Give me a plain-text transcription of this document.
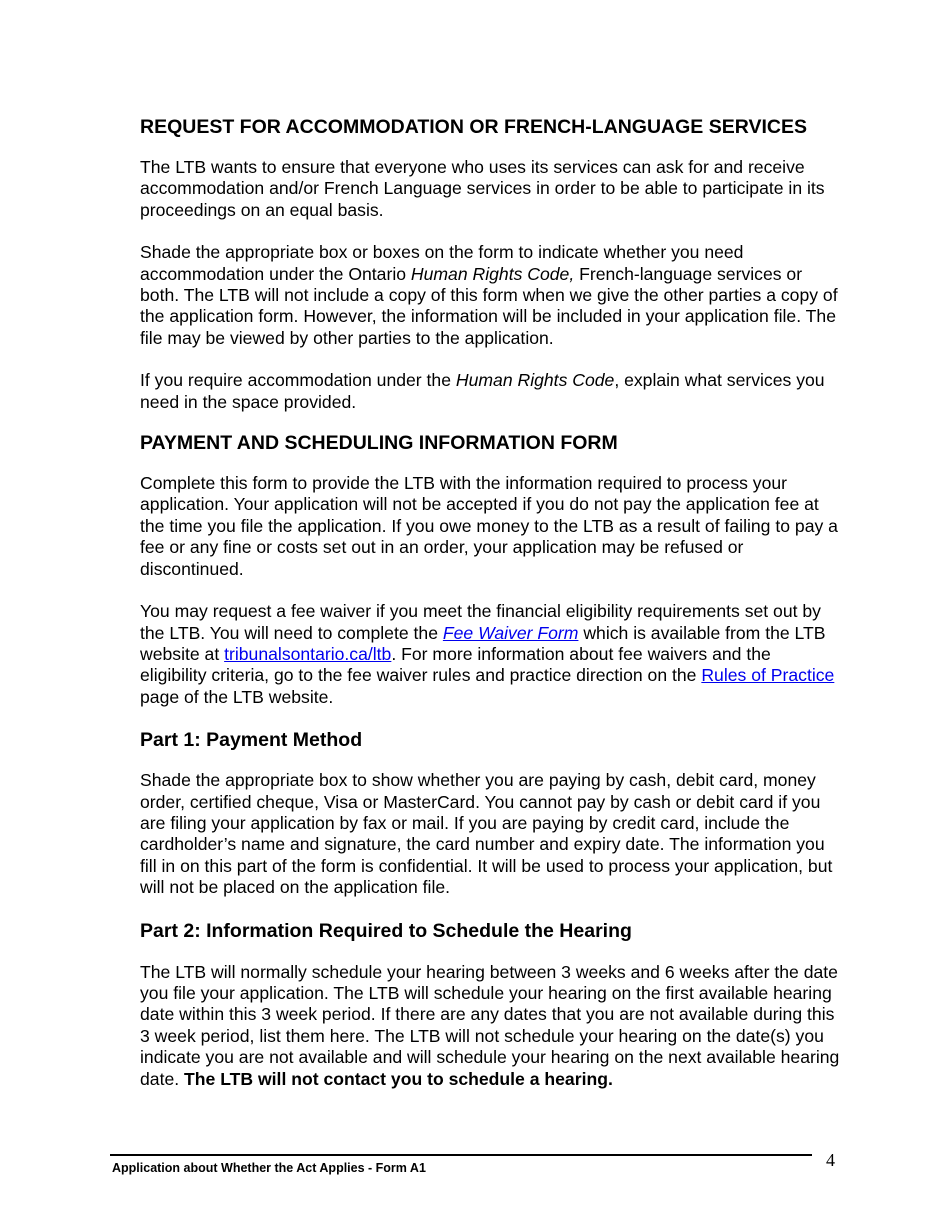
REQUEST FOR ACCOMMODATION OR FRENCH-LANGUAGE SERVICES

The LTB wants to ensure that everyone who uses its services can ask for and receive accommodation and/or French Language services in order to be able to participate in its proceedings on an equal basis.

Shade the appropriate box or boxes on the form to indicate whether you need accommodation under the Ontario Human Rights Code, French-language services or both. The LTB will not include a copy of this form when we give the other parties a copy of the application form. However, the information will be included in your application file. The file may be viewed by other parties to the application.

If you require accommodation under the Human Rights Code, explain what services you need in the space provided.

PAYMENT AND SCHEDULING INFORMATION FORM

Complete this form to provide the LTB with the information required to process your application. Your application will not be accepted if you do not pay the application fee at the time you file the application. If you owe money to the LTB as a result of failing to pay a fee or any fine or costs set out in an order, your application may be refused or discontinued.

You may request a fee waiver if you meet the financial eligibility requirements set out by the LTB. You will need to complete the Fee Waiver Form which is available from the LTB website at tribunalsontario.ca/ltb. For more information about fee waivers and the eligibility criteria, go to the fee waiver rules and practice direction on the Rules of Practice page of the LTB website.

Part 1: Payment Method

Shade the appropriate box to show whether you are paying by cash, debit card, money order, certified cheque, Visa or MasterCard. You cannot pay by cash or debit card if you are filing your application by fax or mail. If you are paying by credit card, include the cardholder’s name and signature, the card number and expiry date. The information you fill in on this part of the form is confidential. It will be used to process your application, but will not be placed on the application file.

Part 2: Information Required to Schedule the Hearing

The LTB will normally schedule your hearing between 3 weeks and 6 weeks after the date you file your application. The LTB will schedule your hearing on the first available hearing date within this 3 week period. If there are any dates that you are not available during this 3 week period, list them here. The LTB will not schedule your hearing on the date(s) you indicate you are not available and will schedule your hearing on the next available hearing date. The LTB will not contact you to schedule a hearing.

Application about Whether the Act Applies - Form A1	4
